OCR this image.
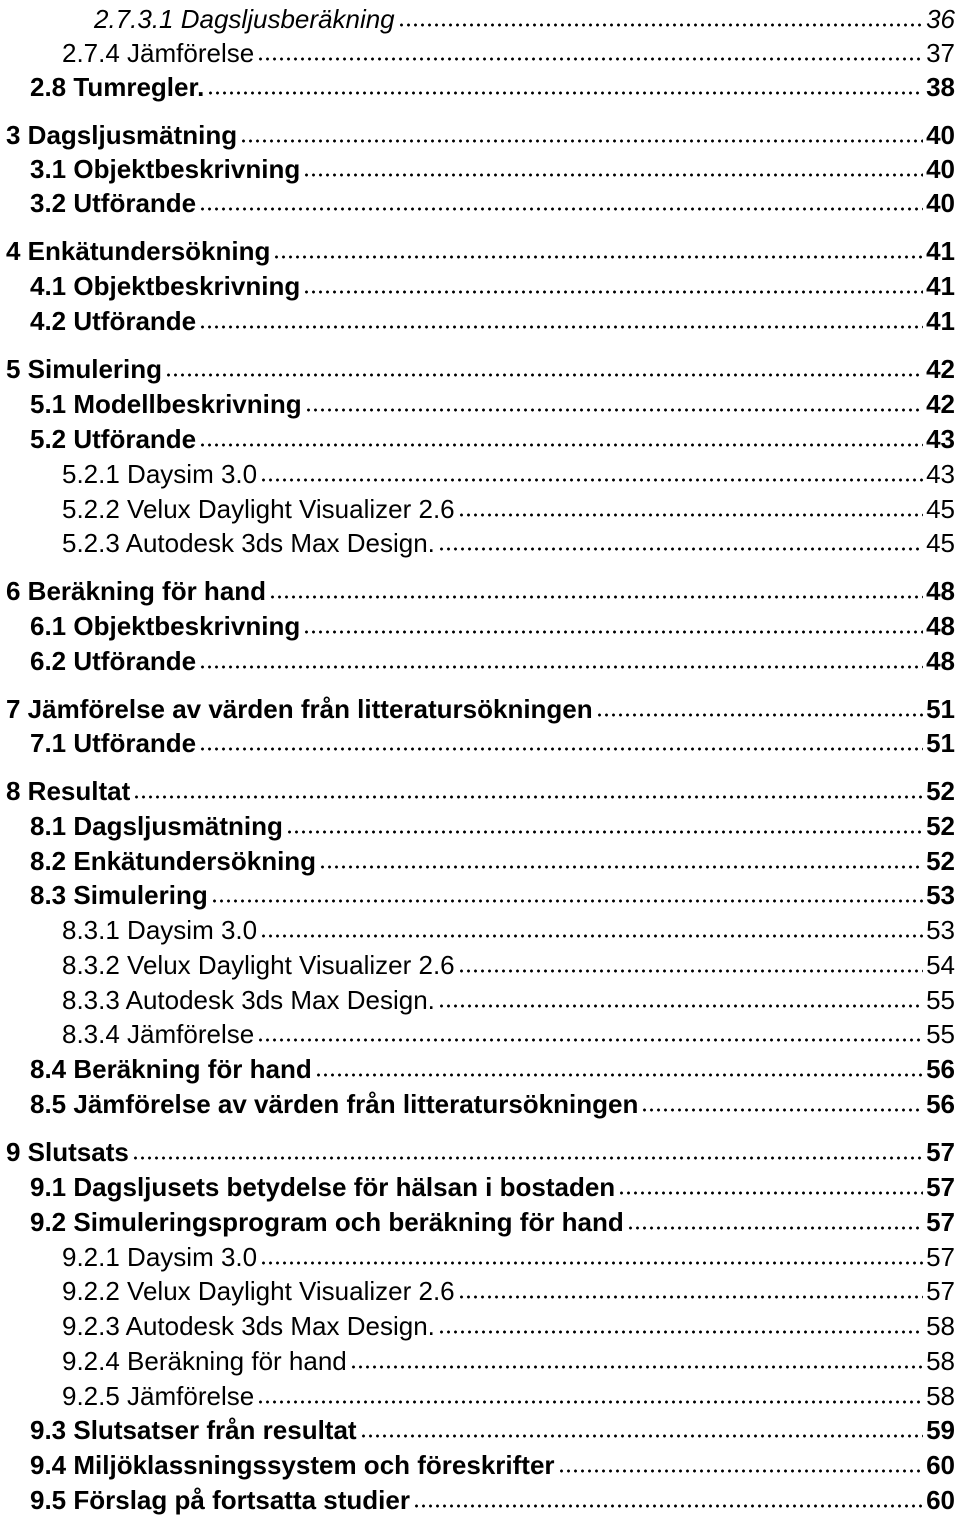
2.7.3.1 Dagsljusberäkning	36
2.7.4 Jämförelse	37
2.8 Tumregler.	38
3 Dagsljusmätning	40
3.1 Objektbeskrivning	40
3.2 Utförande	40
4 Enkätundersökning	41
4.1 Objektbeskrivning	41
4.2 Utförande	41
5 Simulering	42
5.1 Modellbeskrivning	42
5.2 Utförande	43
5.2.1 Daysim 3.0	43
5.2.2 Velux Daylight Visualizer 2.6	45
5.2.3 Autodesk 3ds Max Design.	45
6 Beräkning för hand	48
6.1 Objektbeskrivning	48
6.2 Utförande	48
7 Jämförelse av värden från litteratursökningen	51
7.1 Utförande	51
8 Resultat	52
8.1 Dagsljusmätning	52
8.2 Enkätundersökning	52
8.3 Simulering	53
8.3.1 Daysim 3.0	53
8.3.2 Velux Daylight Visualizer 2.6	54
8.3.3 Autodesk 3ds Max Design.	55
8.3.4 Jämförelse	55
8.4 Beräkning för hand	56
8.5 Jämförelse av värden från litteratursökningen	56
9 Slutsats	57
9.1 Dagsljusets betydelse för hälsan i bostaden	57
9.2 Simuleringsprogram och beräkning för hand	57
9.2.1 Daysim 3.0	57
9.2.2 Velux Daylight Visualizer 2.6	57
9.2.3 Autodesk 3ds Max Design.	58
9.2.4 Beräkning för hand	58
9.2.5 Jämförelse	58
9.3 Slutsatser från resultat	59
9.4 Miljöklassningssystem och föreskrifter	60
9.5 Förslag på fortsatta studier	60
